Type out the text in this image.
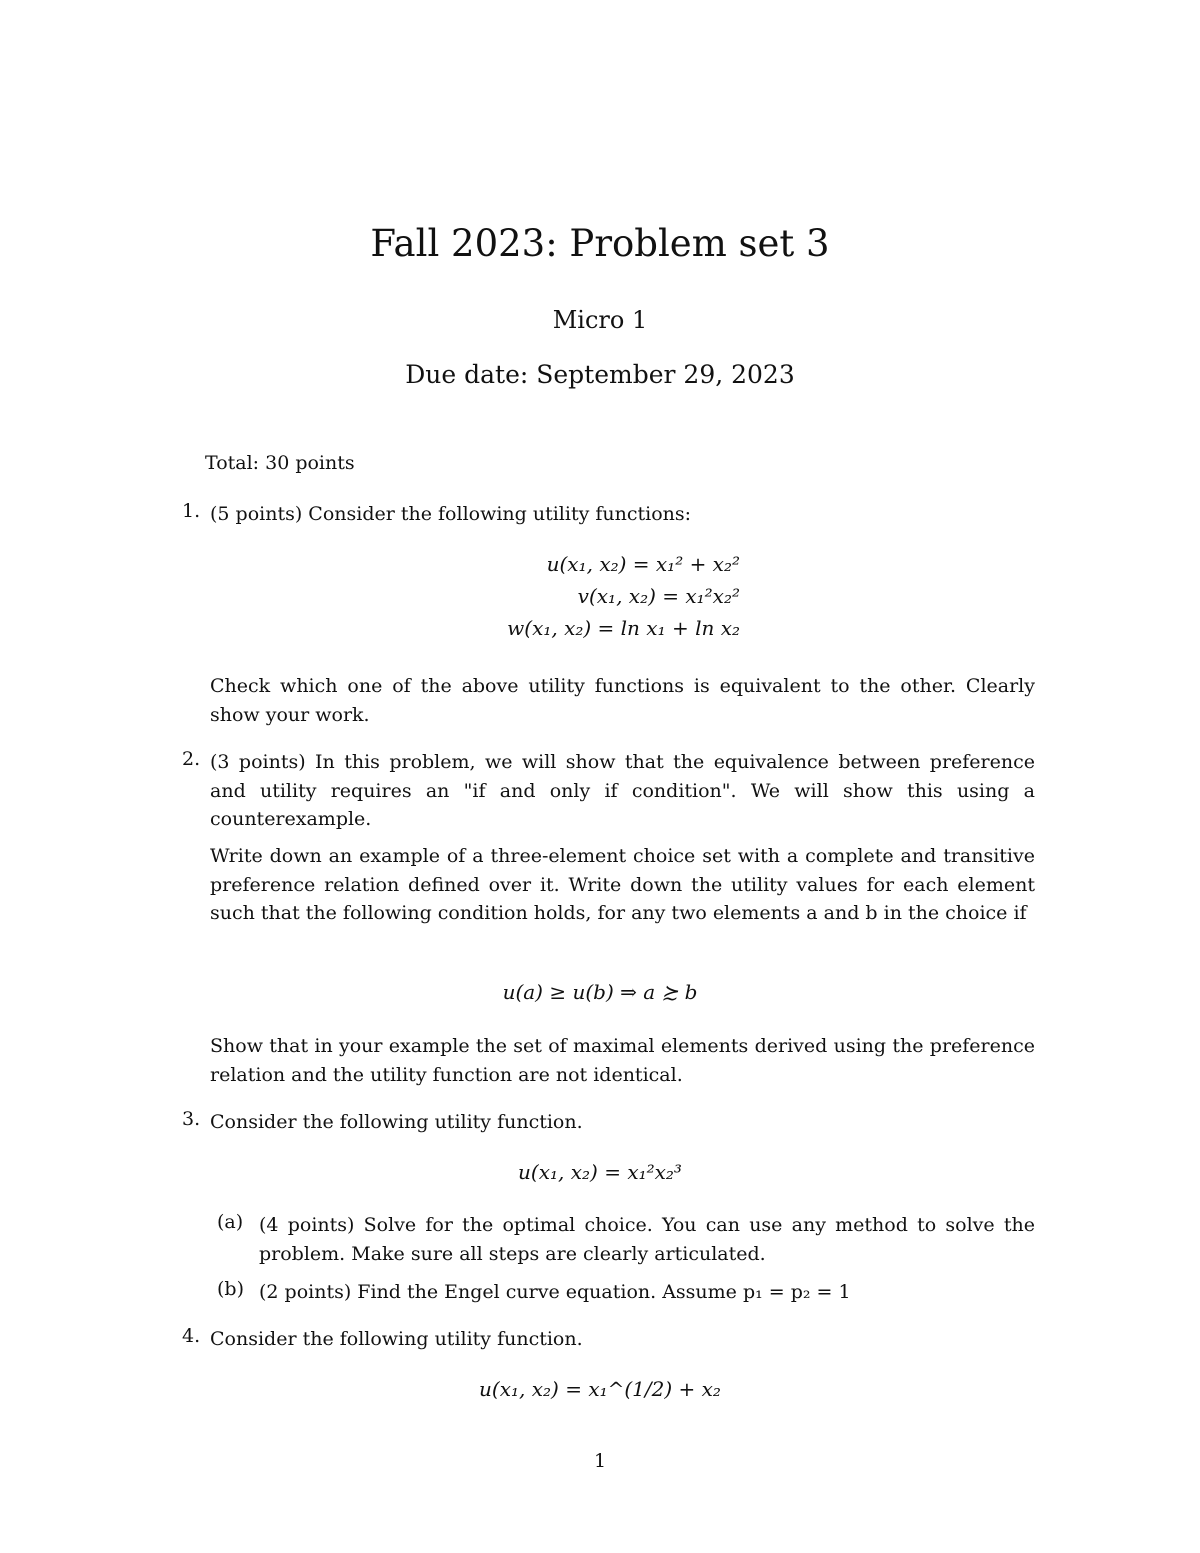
Fall 2023: Problem set 3
Micro 1
Due date: September 29, 2023
Total: 30 points
1. (5 points) Consider the following utility functions:
u(x₁, x₂) = x₁² + x₂²
v(x₁, x₂) = x₁²x₂²
w(x₁, x₂) = ln x₁ + ln x₂
Check which one of the above utility functions is equivalent to the other. Clearly show your work.
2. (3 points) In this problem, we will show that the equivalence between preference and utility requires an "if and only if condition". We will show this using a counterexample.
Write down an example of a three-element choice set with a complete and transitive preference relation defined over it. Write down the utility values for each element such that the following condition holds, for any two elements a and b in the choice if
u(a) ≥ u(b) ⇒ a ≿ b
Show that in your example the set of maximal elements derived using the preference relation and the utility function are not identical.
3. Consider the following utility function.
u(x₁, x₂) = x₁²x₂³
(a) (4 points) Solve for the optimal choice. You can use any method to solve the problem. Make sure all steps are clearly articulated.
(b) (2 points) Find the Engel curve equation. Assume p₁ = p₂ = 1
4. Consider the following utility function.
u(x₁, x₂) = x₁^(1/2) + x₂
1
